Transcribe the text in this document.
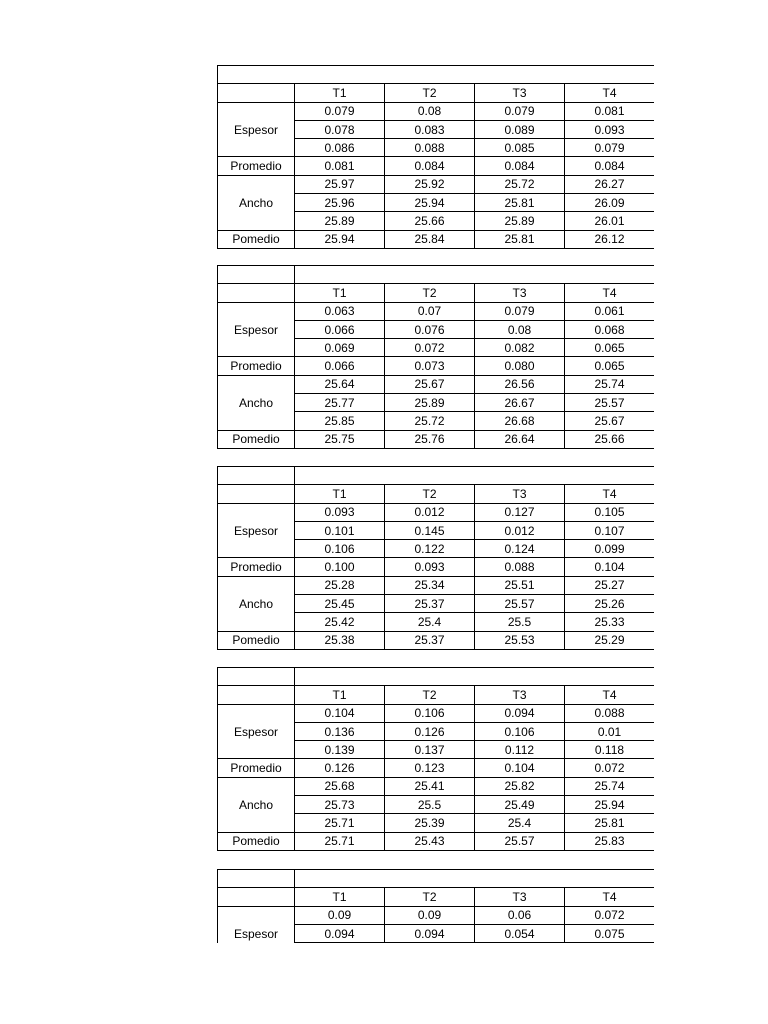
	T1	T2	T3	T4
Espesor	0.079	0.08	0.079	0.081
	0.078	0.083	0.089	0.093
	0.086	0.088	0.085	0.079
Promedio	0.081	0.084	0.084	0.084
Ancho	25.97	25.92	25.72	26.27
	25.96	25.94	25.81	26.09
	25.89	25.66	25.89	26.01
Pomedio	25.94	25.84	25.81	26.12

	T1	T2	T3	T4
Espesor	0.063	0.07	0.079	0.061
	0.066	0.076	0.08	0.068
	0.069	0.072	0.082	0.065
Promedio	0.066	0.073	0.080	0.065
Ancho	25.64	25.67	26.56	25.74
	25.77	25.89	26.67	25.57
	25.85	25.72	26.68	25.67
Pomedio	25.75	25.76	26.64	25.66

	T1	T2	T3	T4
Espesor	0.093	0.012	0.127	0.105
	0.101	0.145	0.012	0.107
	0.106	0.122	0.124	0.099
Promedio	0.100	0.093	0.088	0.104
Ancho	25.28	25.34	25.51	25.27
	25.45	25.37	25.57	25.26
	25.42	25.4	25.5	25.33
Pomedio	25.38	25.37	25.53	25.29

	T1	T2	T3	T4
Espesor	0.104	0.106	0.094	0.088
	0.136	0.126	0.106	0.01
	0.139	0.137	0.112	0.118
Promedio	0.126	0.123	0.104	0.072
Ancho	25.68	25.41	25.82	25.74
	25.73	25.5	25.49	25.94
	25.71	25.39	25.4	25.81
Pomedio	25.71	25.43	25.57	25.83

	T1	T2	T3	T4
Espesor	0.09	0.09	0.06	0.072
	0.094	0.094	0.054	0.075
